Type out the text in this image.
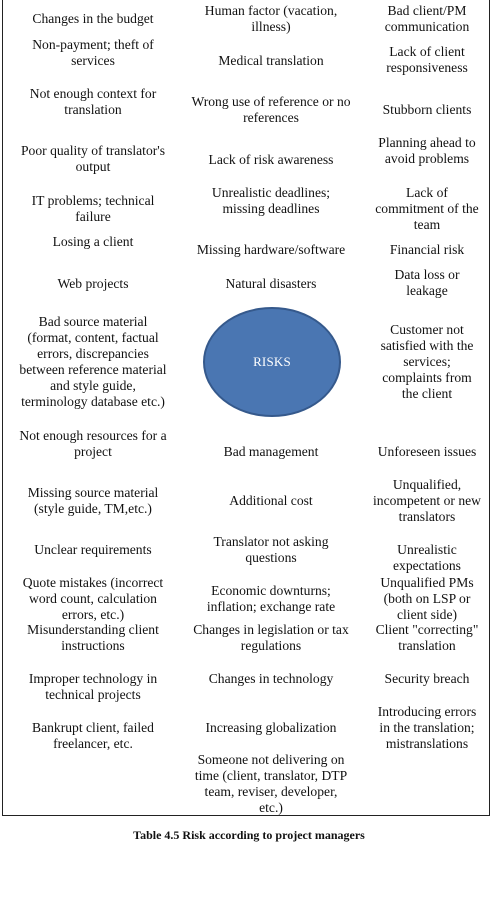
Changes in the budget
Non-payment; theft of
services
Not enough context for
translation
Poor quality of translator's
output
IT problems; technical
failure
Losing a client
Web projects
Bad source material
(format, content, factual
errors, discrepancies
between reference material
and style guide,
terminology database etc.)
Not enough resources for a
project
Missing source material
(style guide, TM,etc.)
Unclear requirements
Quote mistakes (incorrect
word count, calculation
errors, etc.)
Misunderstanding client
instructions
Improper technology in
technical projects
Bankrupt client, failed
freelancer, etc.
Human factor (vacation,
illness)
Medical translation
Wrong use of reference or no
references
Lack of risk awareness
Unrealistic deadlines;
missing deadlines
Missing hardware/software
Natural disasters
Bad management
Additional cost
Translator not asking
questions
Economic downturns;
inflation; exchange rate
Changes in legislation or tax
regulations
Changes in technology
Increasing globalization
Someone not delivering on
time (client, translator, DTP
team, reviser, developer,
etc.)
Bad client/PM
communication
Lack of client
responsiveness
Stubborn clients
Planning ahead to
avoid problems
Lack of
commitment of the
team
Financial risk
Data loss or
leakage
Customer not
satisfied with the
services;
complaints from
the client
Unforeseen issues
Unqualified,
incompetent or new
translators
Unrealistic
expectations
Unqualified PMs
(both on LSP or
client side)
Client "correcting"
translation
Security breach
Introducing errors
in the translation;
mistranslations
RISKS
Table 4.5 Risk according to project managers
